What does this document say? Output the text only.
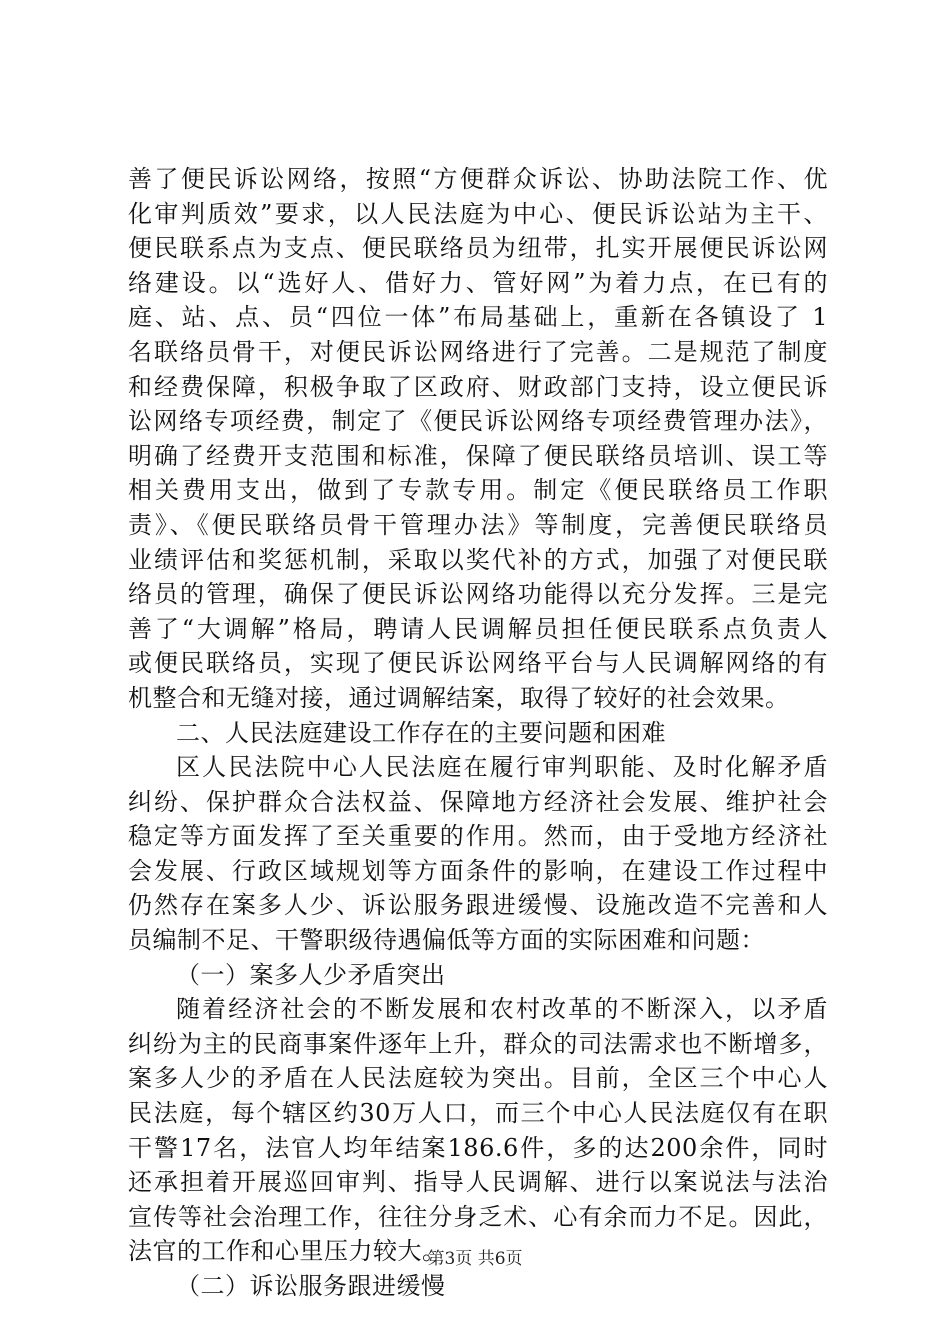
善了便民诉讼网络，按照“方便群众诉讼、协助法院工作、优
化审判质效”要求，以人民法庭为中心、便民诉讼站为主干、
便民联系点为支点、便民联络员为纽带，扎实开展便民诉讼网
络建设。以“选好人、借好力、管好网”为着力点，在已有的
庭、站、点、员“四位一体”布局基础上，重新在各镇设了 1
名联络员骨干，对便民诉讼网络进行了完善。二是规范了制度
和经费保障，积极争取了区政府、财政部门支持，设立便民诉
讼网络专项经费，制定了《便民诉讼网络专项经费管理办法》，
明确了经费开支范围和标准，保障了便民联络员培训、误工等
相关费用支出，做到了专款专用。制定《便民联络员工作职
责》、《便民联络员骨干管理办法》等制度，完善便民联络员
业绩评估和奖惩机制，采取以奖代补的方式，加强了对便民联
络员的管理，确保了便民诉讼网络功能得以充分发挥。三是完
善了“大调解”格局，聘请人民调解员担任便民联系点负责人
或便民联络员，实现了便民诉讼网络平台与人民调解网络的有
机整合和无缝对接，通过调解结案，取得了较好的社会效果。
二、人民法庭建设工作存在的主要问题和困难
区人民法院中心人民法庭在履行审判职能、及时化解矛盾
纠纷、保护群众合法权益、保障地方经济社会发展、维护社会
稳定等方面发挥了至关重要的作用。然而，由于受地方经济社
会发展、行政区域规划等方面条件的影响，在建设工作过程中
仍然存在案多人少、诉讼服务跟进缓慢、设施改造不完善和人
员编制不足、干警职级待遇偏低等方面的实际困难和问题：
（一）案多人少矛盾突出
随着经济社会的不断发展和农村改革的不断深入，以矛盾
纠纷为主的民商事案件逐年上升，群众的司法需求也不断增多，
案多人少的矛盾在人民法庭较为突出。目前，全区三个中心人
民法庭，每个辖区约30万人口，而三个中心人民法庭仅有在职
干警17名，法官人均年结案186.6件，多的达200余件，同时
还承担着开展巡回审判、指导人民调解、进行以案说法与法治
宣传等社会治理工作，往往分身乏术、心有余而力不足。因此，
法官的工作和心里压力较大。
（二）诉讼服务跟进缓慢
第3页 共6页
